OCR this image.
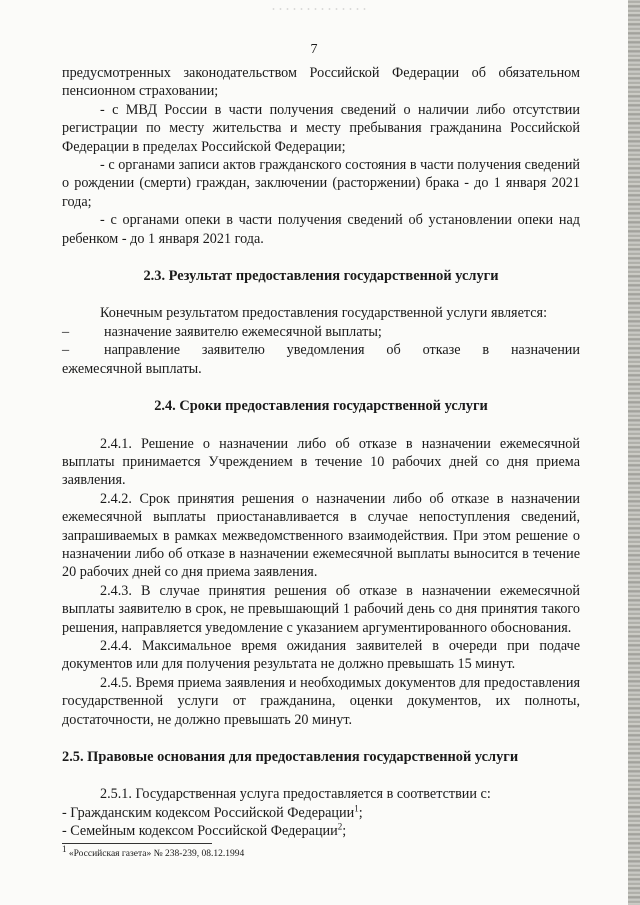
7

предусмотренных законодательством Российской Федерации об обязательном пенсионном страховании;

- с МВД России в части получения сведений о наличии либо отсутствии регистрации по месту жительства и месту пребывания гражданина Российской Федерации в пределах Российской Федерации;

- с органами записи актов гражданского состояния в части получения сведений о рождении (смерти) граждан, заключении (расторжении) брака - до 1 января 2021 года;

- с органами опеки в части получения сведений об установлении опеки над ребенком - до 1 января 2021 года.

2.3. Результат предоставления государственной услуги

Конечным результатом предоставления государственной услуги является:

–	назначение заявителю ежемесячной выплаты;
–	направление заявителю уведомления об отказе в назначении

ежемесячной выплаты.

2.4. Сроки предоставления государственной услуги

2.4.1. Решение о назначении либо об отказе в назначении ежемесячной выплаты принимается Учреждением в течение 10 рабочих дней со дня приема заявления.

2.4.2. Срок принятия решения о назначении либо об отказе в назначении ежемесячной выплаты приостанавливается в случае непоступления сведений, запрашиваемых в рамках межведомственного взаимодействия. При этом решение о назначении либо об отказе в назначении ежемесячной выплаты выносится в течение 20 рабочих дней со дня приема заявления.

2.4.3. В случае принятия решения об отказе в назначении ежемесячной выплаты заявителю в срок, не превышающий 1 рабочий день со дня принятия такого решения, направляется уведомление с указанием аргументированного обоснования.

2.4.4. Максимальное время ожидания заявителей в очереди при подаче документов или для получения результата не должно превышать 15 минут.

2.4.5. Время приема заявления и необходимых документов для предоставления государственной услуги от гражданина, оценки документов, их полноты, достаточности, не должно превышать 20 минут.

2.5. Правовые основания для предоставления государственной услуги

2.5.1. Государственная услуга предоставляется в соответствии с:

- Гражданским кодексом Российской Федерации$^1$;

- Семейным кодексом Российской Федерации$^2$;

$^1$ «Российская газета» № 238-239, 08.12.1994
